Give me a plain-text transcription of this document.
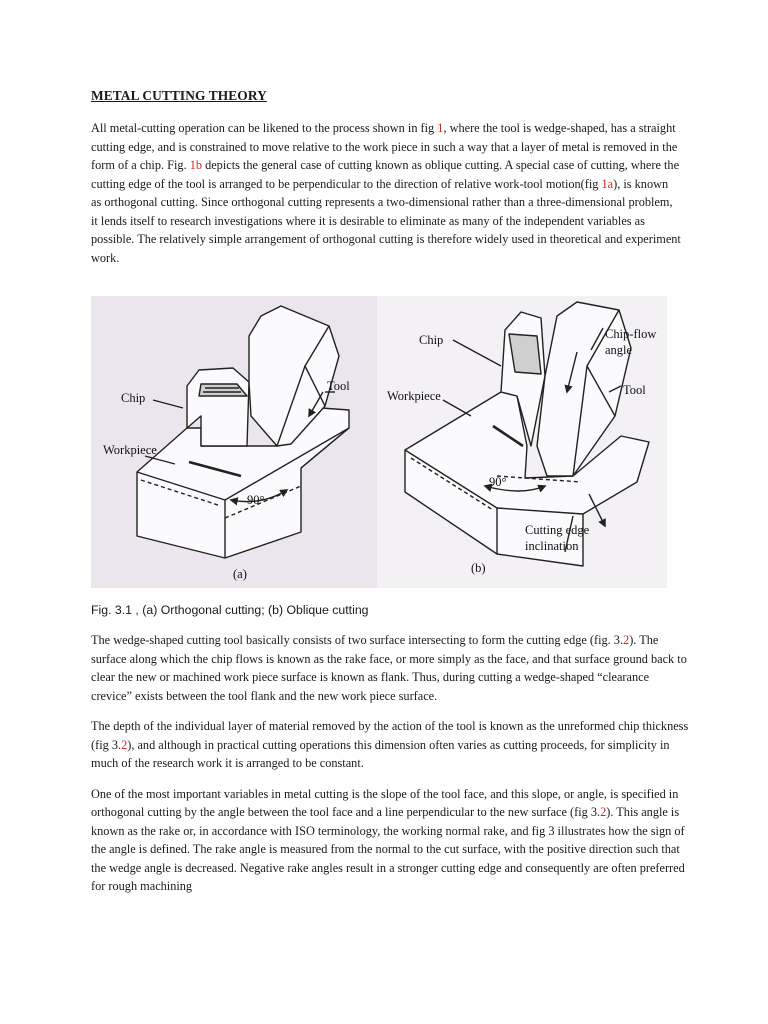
METAL CUTTING THEORY

All metal-cutting operation can be likened to the process shown in fig 1, where the tool is wedge-shaped, has a straight cutting edge, and is constrained to move relative to the work piece in such a way that a layer of metal is removed in the form of a chip. Fig. 1b depicts the general case of cutting known as oblique cutting. A special case of cutting, where the cutting edge of the tool is arranged to be perpendicular to the direction of relative work-tool motion(fig 1a), is known as orthogonal cutting. Since orthogonal cutting represents a two-dimensional rather than a three-dimensional problem, it lends itself to research investigations where it is desirable to eliminate as many of the independent variables as possible. The relatively simple arrangement of orthogonal cutting is therefore widely used in theoretical and experiment work.

Chip
Tool
Workpiece
90°
(a)
Chip	Chip-flow
angle
Tool
Workpiece
90°
Cutting edge
inclination
(b)
Fig. 3.1 , (a) Orthogonal cutting; (b) Oblique cutting

The wedge-shaped cutting tool basically consists of two surface intersecting to form the cutting edge (fig. 3.2). The surface along which the chip flows is known as the rake face, or more simply as the face, and that surface ground back to clear the new or machined work piece surface is known as flank. Thus, during cutting a wedge-shaped “clearance crevice” exists between the tool flank and the new work piece surface.

The depth of the individual layer of material removed by the action of the tool is known as the unreformed chip thickness (fig 3.2), and although in practical cutting operations this dimension often varies as cutting proceeds, for simplicity in much of the research work it is arranged to be constant.

One of the most important variables in metal cutting is the slope of the tool face, and this slope, or angle, is specified in orthogonal cutting by the angle between the tool face and a line perpendicular to the new surface (fig 3.2). This angle is known as the rake or, in accordance with ISO terminology, the working normal rake, and fig 3 illustrates how the sign of the angle is defined. The rake angle is measured from the normal to the cut surface, with the positive direction such that the wedge angle is decreased. Negative rake angles result in a stronger cutting edge and consequently are often preferred for rough machining
